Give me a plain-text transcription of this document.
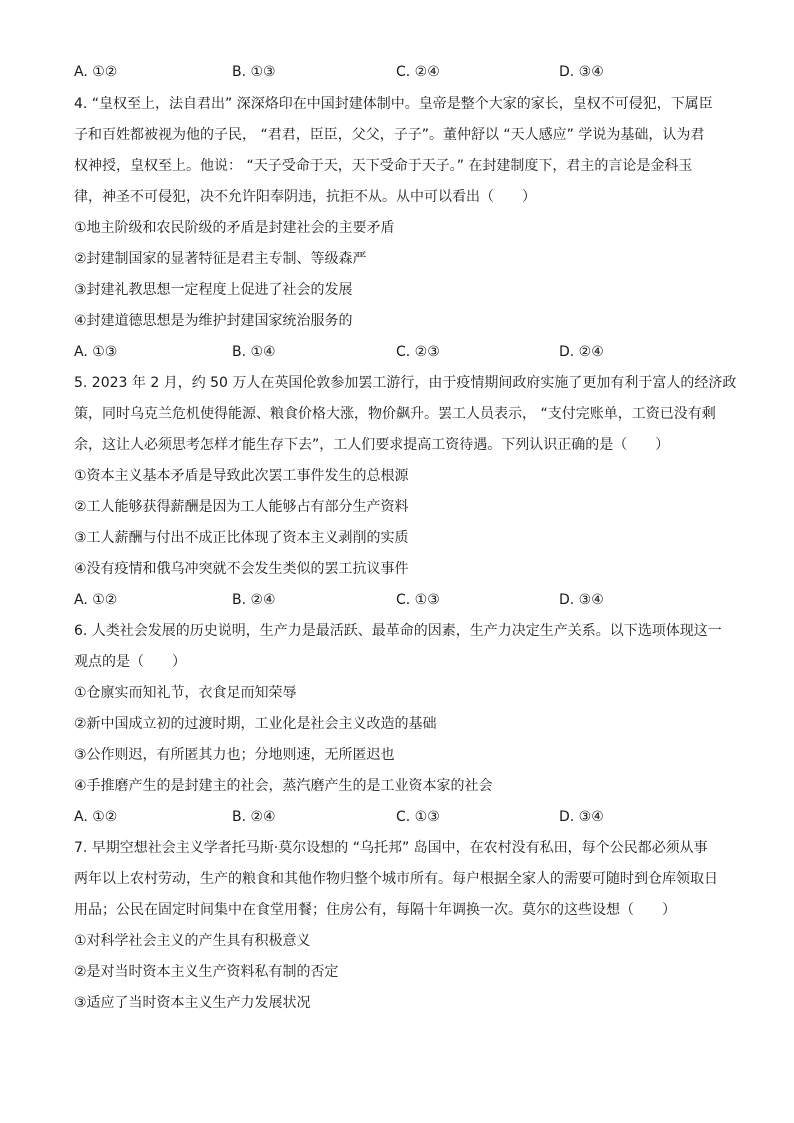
A. ①②	B. ①③	C. ②④	D. ③④

4. “皇权至上，法自君出” 深深烙印在中国封建体制中。皇帝是整个大家的家长，皇权不可侵犯，下属臣

子和百姓都被视为他的子民， “君君，臣臣，父父，子子”。董仲舒以 “天人感应” 学说为基础，认为君

权神授，皇权至上。他说： “天子受命于天，天下受命于天子。” 在封建制度下，君主的言论是金科玉

律，神圣不可侵犯，决不允许阳奉阴违，抗拒不从。从中可以看出（　　）

①地主阶级和农民阶级的矛盾是封建社会的主要矛盾

②封建制国家的显著特征是君主专制、等级森严

③封建礼教思想一定程度上促进了社会的发展

④封建道德思想是为维护封建国家统治服务的

A. ①③	B. ①④	C. ②③	D. ②④

5. 2023 年 2 月，约 50 万人在英国伦敦参加罢工游行，由于疫情期间政府实施了更加有利于富人的经济政

策，同时乌克兰危机使得能源、粮食价格大涨，物价飙升。罢工人员表示， “支付完账单，工资已没有剩

余，这让人必须思考怎样才能生存下去”，工人们要求提高工资待遇。下列认识正确的是（　　）

①资本主义基本矛盾是导致此次罢工事件发生的总根源

②工人能够获得薪酬是因为工人能够占有部分生产资料

③工人薪酬与付出不成正比体现了资本主义剥削的实质

④没有疫情和俄乌冲突就不会发生类似的罢工抗议事件

A. ①②	B. ②④	C. ①③	D. ③④

6. 人类社会发展的历史说明，生产力是最活跃、最革命的因素，生产力决定生产关系。以下选项体现这一

观点的是（　　）

①仓廪实而知礼节，衣食足而知荣辱

②新中国成立初的过渡时期，工业化是社会主义改造的基础

③公作则迟，有所匿其力也；分地则速，无所匿迟也

④手推磨产生的是封建主的社会，蒸汽磨产生的是工业资本家的社会

A. ①②	B. ②④	C. ①③	D. ③④

7. 早期空想社会主义学者托马斯·莫尔设想的 “乌托邦” 岛国中，在农村没有私田，每个公民都必须从事

两年以上农村劳动，生产的粮食和其他作物归整个城市所有。每户根据全家人的需要可随时到仓库领取日

用品；公民在固定时间集中在食堂用餐；住房公有，每隔十年调换一次。莫尔的这些设想（　　）

①对科学社会主义的产生具有积极意义

②是对当时资本主义生产资料私有制的否定

③适应了当时资本主义生产力发展状况
